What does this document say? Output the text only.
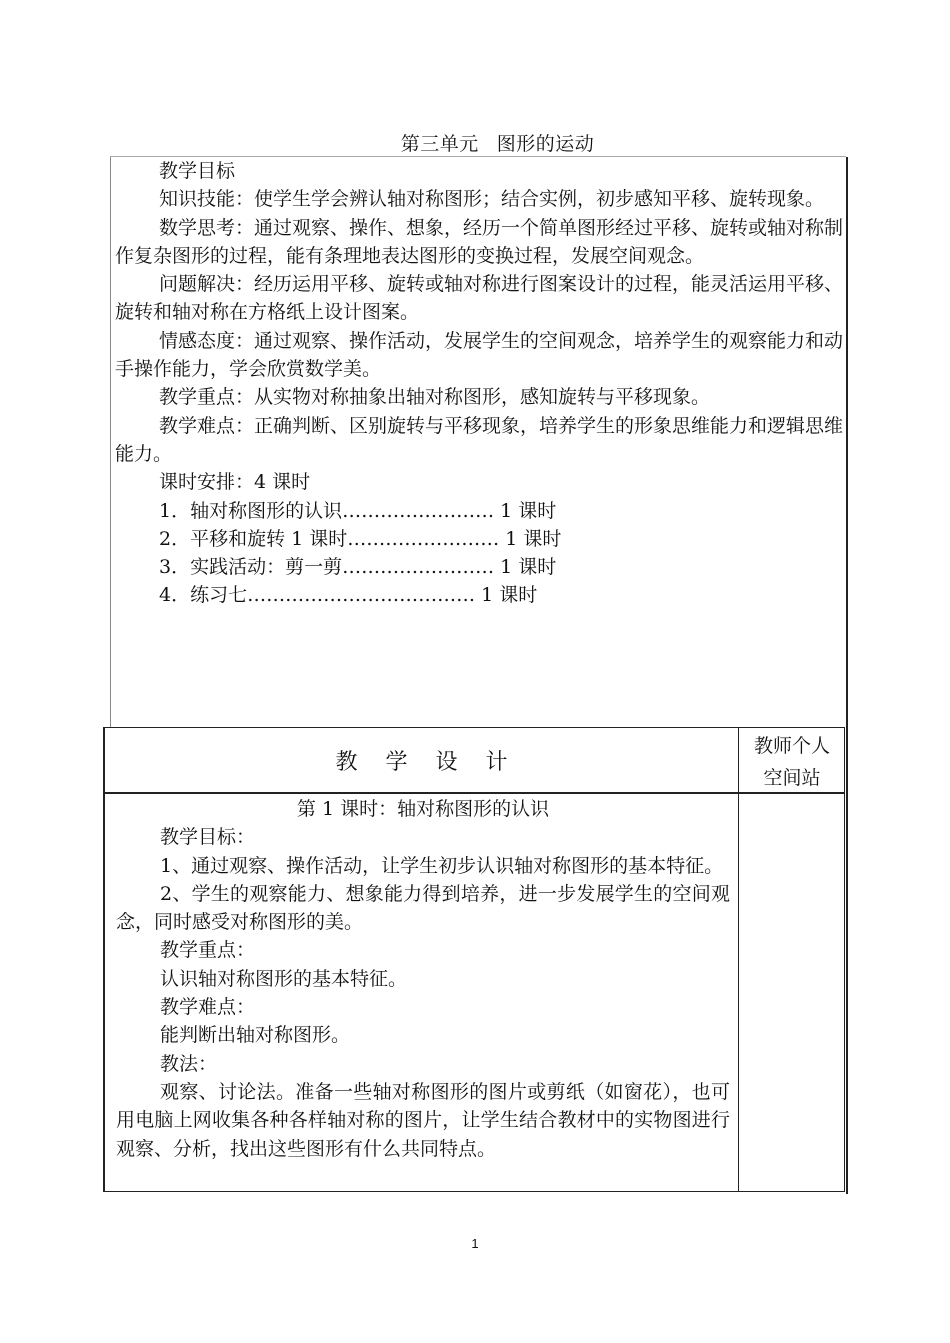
第三单元 图形的运动

教学目标

知识技能：使学生学会辨认轴对称图形；结合实例，初步感知平移、旋转现象。

数学思考：通过观察、操作、想象，经历一个简单图形经过平移、旋转或轴对称制作复杂图形的过程，能有条理地表达图形的变换过程，发展空间观念。

问题解决：经历运用平移、旋转或轴对称进行图案设计的过程，能灵活运用平移、旋转和轴对称在方格纸上设计图案。

情感态度：通过观察、操作活动，发展学生的空间观念，培养学生的观察能力和动手操作能力，学会欣赏数学美。

教学重点：从实物对称抽象出轴对称图形，感知旋转与平移现象。

教学难点：正确判断、区别旋转与平移现象，培养学生的形象思维能力和逻辑思维能力。

课时安排：4 课时

1．轴对称图形的认识…………………… 1 课时
2．平移和旋转 1 课时…………………… 1 课时
3．实践活动：剪一剪…………………… 1 课时
4．练习七……………………………… 1 课时
教学设计
教师个人
空间站

第 1 课时：轴对称图形的认识

教学目标：

1、通过观察、操作活动，让学生初步认识轴对称图形的基本特征。

2、学生的观察能力、想象能力得到培养，进一步发展学生的空间观念，同时感受对称图形的美。

教学重点：

认识轴对称图形的基本特征。

教学难点：

能判断出轴对称图形。

教法：

观察、讨论法。准备一些轴对称图形的图片或剪纸（如窗花），也可用电脑上网收集各种各样轴对称的图片，让学生结合教材中的实物图进行观察、分析，找出这些图形有什么共同特点。

1
